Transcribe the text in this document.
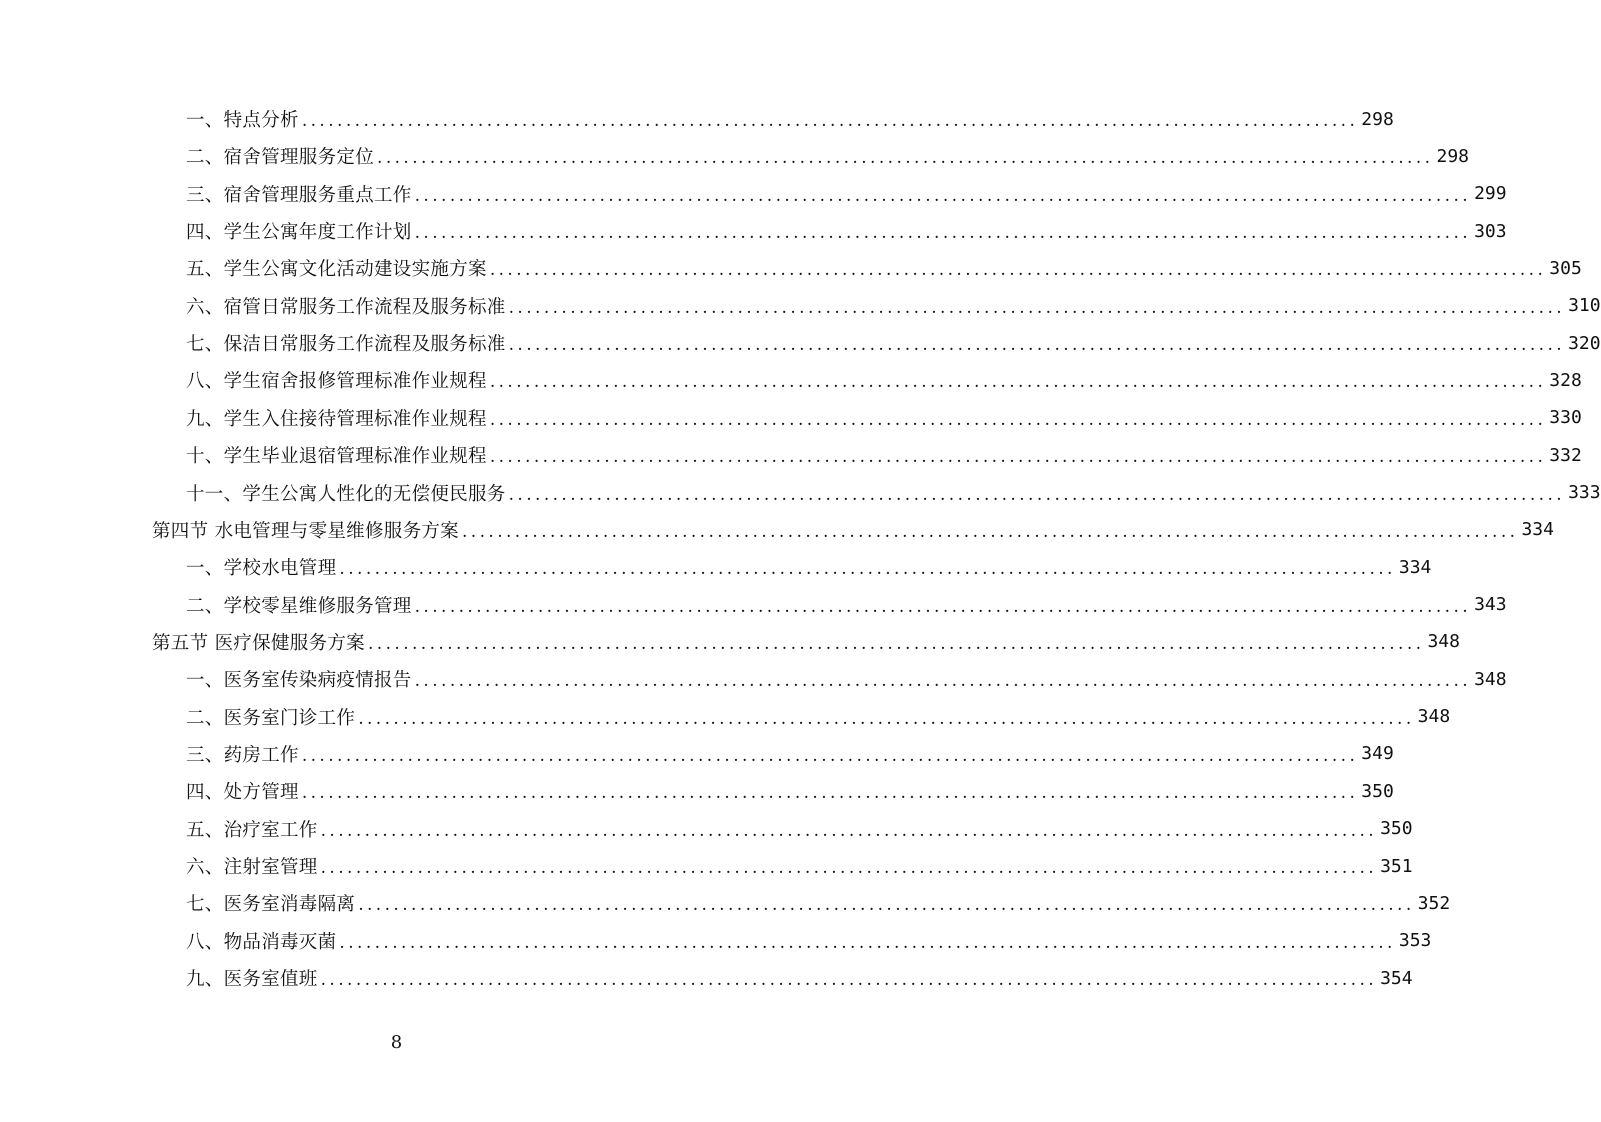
一、特点分析 ........................................................................................................................ 298
二、宿舍管理服务定位 ........................................................................................................................ 298
三、宿舍管理服务重点工作 ........................................................................................................................ 299
四、学生公寓年度工作计划 ........................................................................................................................ 303
五、学生公寓文化活动建设实施方案 ........................................................................................................................ 305
六、宿管日常服务工作流程及服务标准 ........................................................................................................................ 310
七、保洁日常服务工作流程及服务标准 ........................................................................................................................ 320
八、学生宿舍报修管理标准作业规程 ........................................................................................................................ 328
九、学生入住接待管理标准作业规程 ........................................................................................................................ 330
十、学生毕业退宿管理标准作业规程 ........................................................................................................................ 332
十一、学生公寓人性化的无偿便民服务 ........................................................................................................................ 333
第四节 水电管理与零星维修服务方案 ........................................................................................................................ 334
一、学校水电管理 ........................................................................................................................ 334
二、学校零星维修服务管理 ........................................................................................................................ 343
第五节 医疗保健服务方案 ........................................................................................................................ 348
一、医务室传染病疫情报告 ........................................................................................................................ 348
二、医务室门诊工作 ........................................................................................................................ 348
三、药房工作 ........................................................................................................................ 349
四、处方管理 ........................................................................................................................ 350
五、治疗室工作 ........................................................................................................................ 350
六、注射室管理 ........................................................................................................................ 351
七、医务室消毒隔离 ........................................................................................................................ 352
八、物品消毒灭菌 ........................................................................................................................ 353
九、医务室值班 ........................................................................................................................ 354
8
